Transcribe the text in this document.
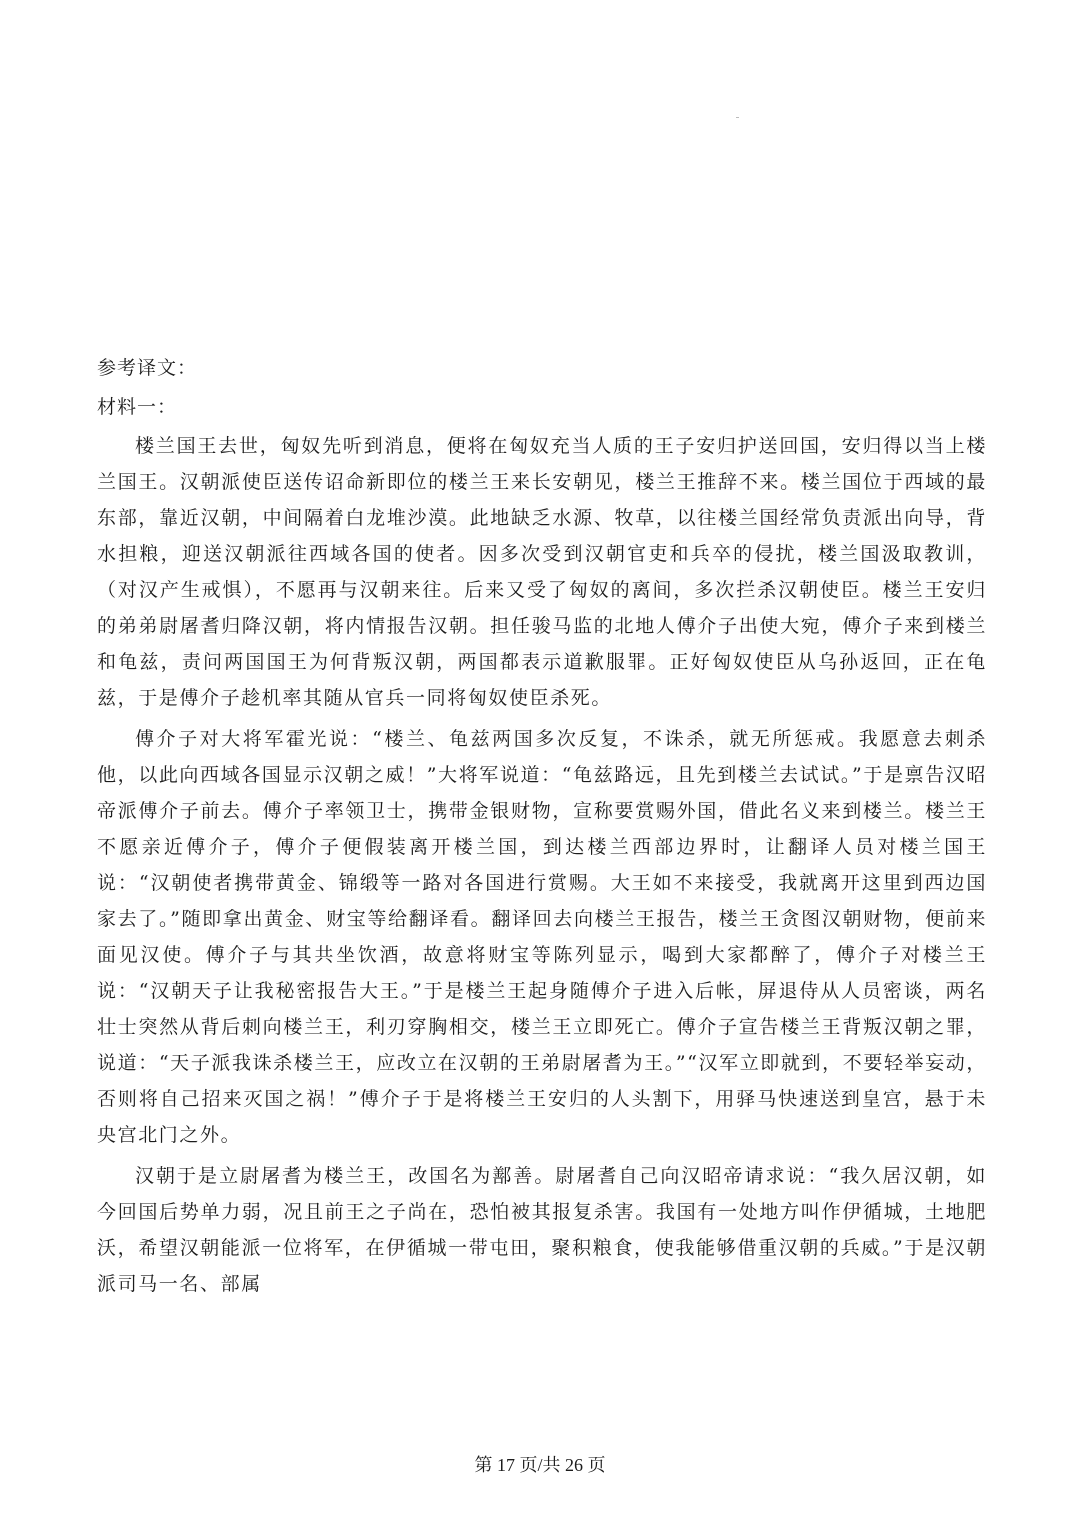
参考译文：
材料一：

楼兰国王去世，匈奴先听到消息，便将在匈奴充当人质的王子安归护送回国，安归得以当上楼兰国王。汉朝派使臣送传诏命新即位的楼兰王来长安朝见，楼兰王推辞不来。楼兰国位于西域的最东部，靠近汉朝，中间隔着白龙堆沙漠。此地缺乏水源、牧草，以往楼兰国经常负责派出向导，背水担粮，迎送汉朝派往西域各国的使者。因多次受到汉朝官吏和兵卒的侵扰，楼兰国汲取教训，（对汉产生戒惧），不愿再与汉朝来往。后来又受了匈奴的离间，多次拦杀汉朝使臣。楼兰王安归的弟弟尉屠耆归降汉朝，将内情报告汉朝。担任骏马监的北地人傅介子出使大宛，傅介子来到楼兰和龟兹，责问两国国王为何背叛汉朝，两国都表示道歉服罪。正好匈奴使臣从乌孙返回，正在龟兹，于是傅介子趁机率其随从官兵一同将匈奴使臣杀死。

傅介子对大将军霍光说：“楼兰、龟兹两国多次反复，不诛杀，就无所惩戒。我愿意去刺杀他，以此向西域各国显示汉朝之威！”大将军说道：“龟兹路远，且先到楼兰去试试。”于是禀告汉昭帝派傅介子前去。傅介子率领卫士，携带金银财物，宣称要赏赐外国，借此名义来到楼兰。楼兰王不愿亲近傅介子，傅介子便假装离开楼兰国，到达楼兰西部边界时，让翻译人员对楼兰国王说：“汉朝使者携带黄金、锦缎等一路对各国进行赏赐。大王如不来接受，我就离开这里到西边国家去了。”随即拿出黄金、财宝等给翻译看。翻译回去向楼兰王报告，楼兰王贪图汉朝财物，便前来面见汉使。傅介子与其共坐饮酒，故意将财宝等陈列显示，喝到大家都醉了，傅介子对楼兰王说：“汉朝天子让我秘密报告大王。”于是楼兰王起身随傅介子进入后帐，屏退侍从人员密谈，两名壮士突然从背后刺向楼兰王，利刃穿胸相交，楼兰王立即死亡。傅介子宣告楼兰王背叛汉朝之罪，说道：“天子派我诛杀楼兰王，应改立在汉朝的王弟尉屠耆为王。”“汉军立即就到，不要轻举妄动，否则将自己招来灭国之祸！”傅介子于是将楼兰王安归的人头割下，用驿马快速送到皇宫，悬于未央宫北门之外。

汉朝于是立尉屠耆为楼兰王，改国名为鄯善。尉屠耆自己向汉昭帝请求说：“我久居汉朝，如今回国后势单力弱，况且前王之子尚在，恐怕被其报复杀害。我国有一处地方叫作伊循城，土地肥沃，希望汉朝能派一位将军，在伊循城一带屯田，聚积粮食，使我能够借重汉朝的兵威。”于是汉朝派司马一名、部属

第 17 页/共 26 页
